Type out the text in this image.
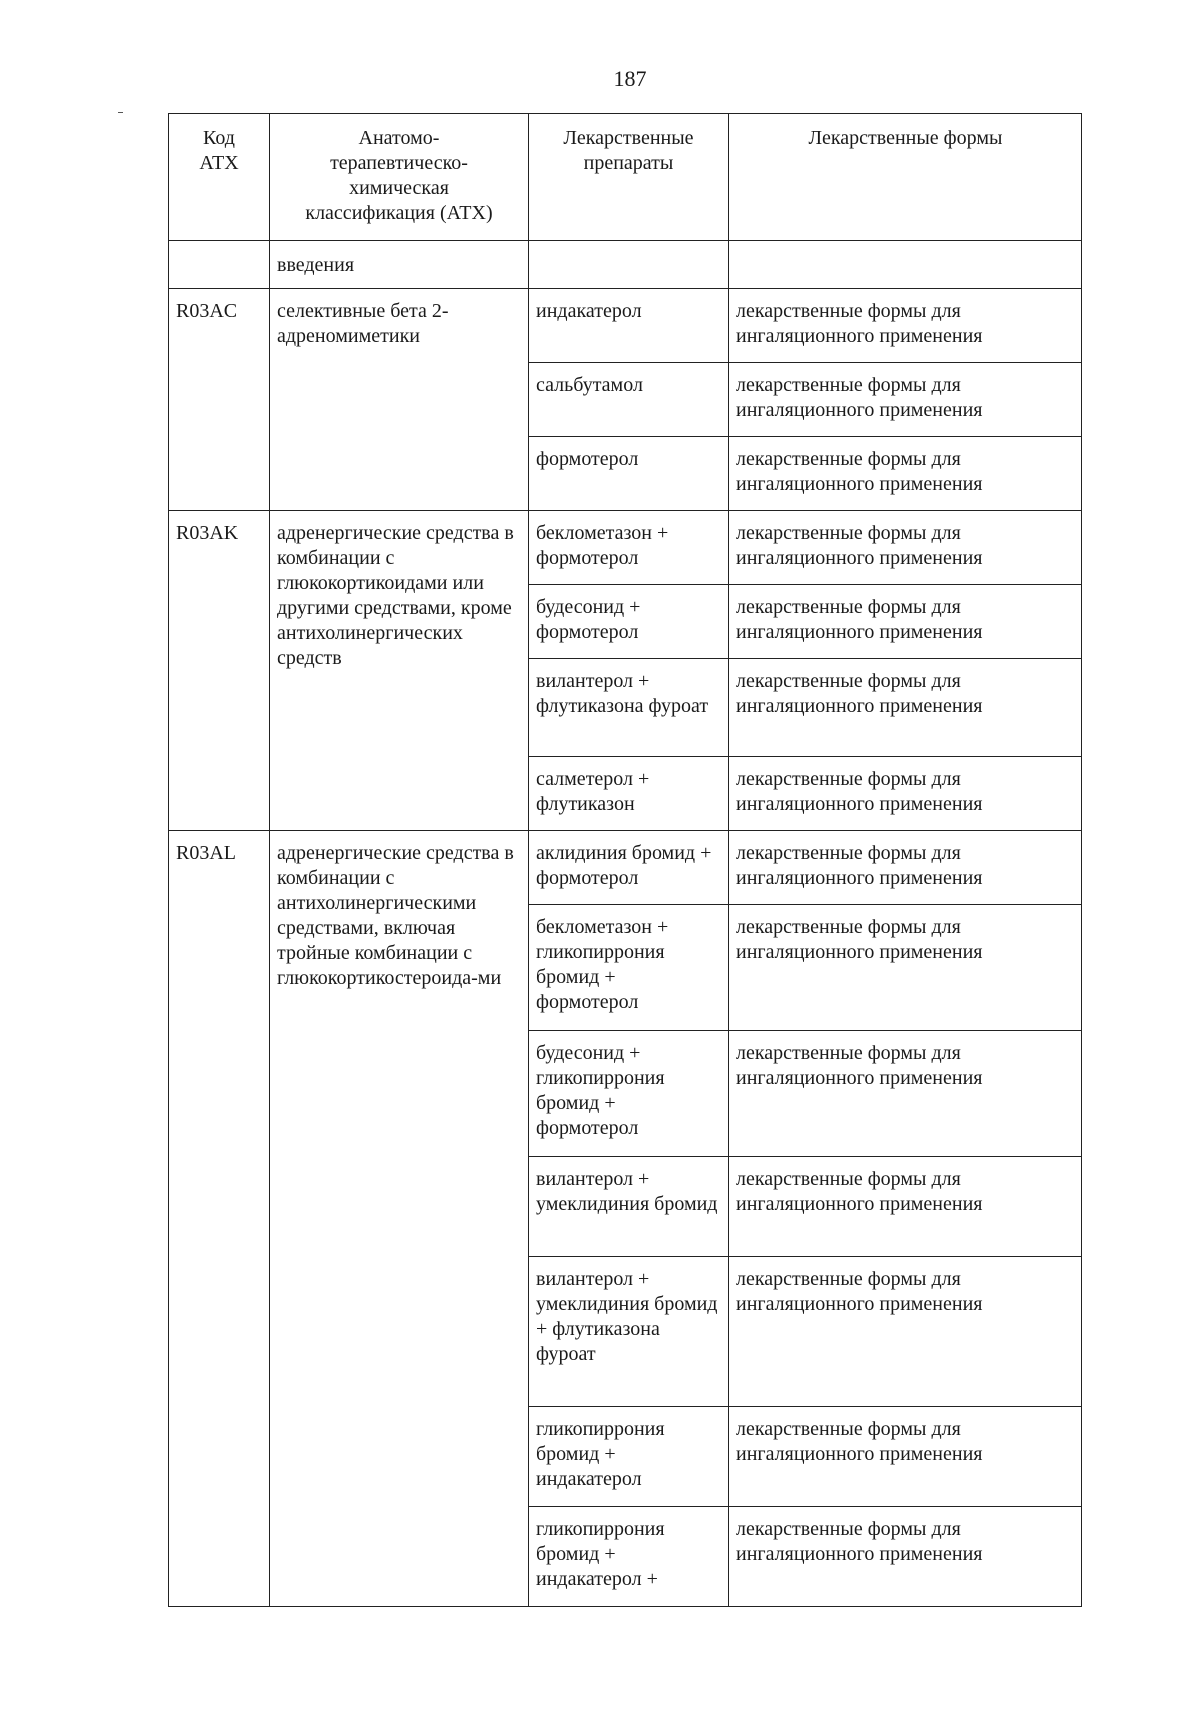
187
Код АТХ	Анатомо-терапевтическо-химическая классификация (АТХ)	Лекарственные препараты	Лекарственные формы
	введения		
R03AC	селективные бета 2-адреномиметики	индакатерол	лекарственные формы для ингаляционного применения
		сальбутамол	лекарственные формы для ингаляционного применения
		формотерол	лекарственные формы для ингаляционного применения
R03AK	адренергические средства в комбинации с глюкокортикоидами или другими средствами, кроме антихолинергических средств	беклометазон + формотерол	лекарственные формы для ингаляционного применения
		будесонид + формотерол	лекарственные формы для ингаляционного применения
		вилантерол + флутиказона фуроат	лекарственные формы для ингаляционного применения
		салметерол + флутиказон	лекарственные формы для ингаляционного применения
R03AL	адренергические средства в комбинации с антихолинергическими средствами, включая тройные комбинации с глюкокортикостероида-ми	аклидиния бромид + формотерол	лекарственные формы для ингаляционного применения
		беклометазон + гликопиррония бромид + формотерол	лекарственные формы для ингаляционного применения
		будесонид + гликопиррония бромид + формотерол	лекарственные формы для ингаляционного применения
		вилантерол + умеклидиния бромид	лекарственные формы для ингаляционного применения
		вилантерол + умеклидиния бромид + флутиказона фуроат	лекарственные формы для ингаляционного применения
		гликопиррония бромид + индакатерол	лекарственные формы для ингаляционного применения
		гликопиррония бромид + индакатерол +	лекарственные формы для ингаляционного применения
